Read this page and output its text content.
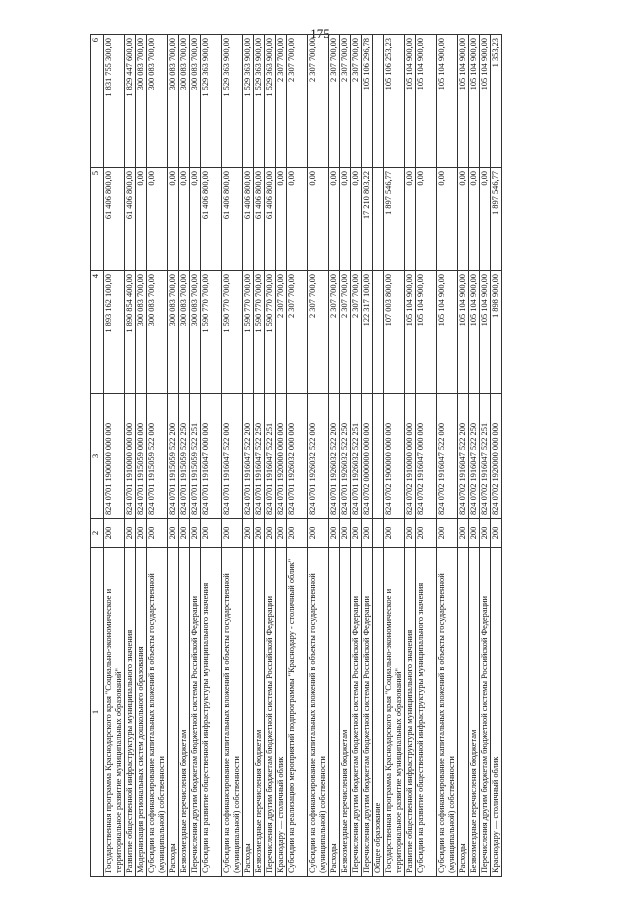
175
1	2	3	4	5	6
Государственная программа Краснодарского края "Социально-экономическое и территориальное развитие муниципальных образований"	200	824 0701 1900000 000 000	1 893 162 100,00	61 406 800,00	1 831 755 300,00
Развитие общественной инфраструктуры муниципального значения	200	824 0701 1910000 000 000	1 890 854 400,00	61 406 800,00	1 829 447 600,00
Модернизация региональных систем дошкольного образования	200	824 0701 1915059 000 000	300 083 700,00	0,00	300 083 700,00
Субсидии на софинансирование капитальных вложений в объекты государственной (муниципальной) собственности	200	824 0701 1915059 522 000	300 083 700,00	0,00	300 083 700,00
Расходы	200	824 0701 1915059 522 200	300 083 700,00	0,00	300 083 700,00
Безвозмездные перечисления бюджетам	200	824 0701 1915059 522 250	300 083 700,00	0,00	300 083 700,00
Перечисления другим бюджетам бюджетной системы Российской Федерации	200	824 0701 1915059 522 251	300 083 700,00	0,00	300 083 700,00
Субсидии на развитие общественной инфраструктуры муниципального значения	200	824 0701 1916047 000 000	1 590 770 700,00	61 406 800,00	1 529 363 900,00
Субсидии на софинансирование капитальных вложений в объекты государственной (муниципальной) собственности	200	824 0701 1916047 522 000	1 590 770 700,00	61 406 800,00	1 529 363 900,00
Расходы	200	824 0701 1916047 522 200	1 590 770 700,00	61 406 800,00	1 529 363 900,00
Безвозмездные перечисления бюджетам	200	824 0701 1916047 522 250	1 590 770 700,00	61 406 800,00	1 529 363 900,00
Перечисления другим бюджетам бюджетной системы Российской Федерации	200	824 0701 1916047 522 251	1 590 770 700,00	61 406 800,00	1 529 363 900,00
Краснодару — столичный облик	200	824 0701 1920000 000 000	2 307 700,00	0,00	2 307 700,00
Субсидии на реализацию мероприятий подпрограммы "Краснодару - столичный облик"	200	824 0701 1926032 000 000	2 307 700,00	0,00	2 307 700,00
Субсидии на софинансирование капитальных вложений в объекты государственной (муниципальной) собственности	200	824 0701 1926032 522 000	2 307 700,00	0,00	2 307 700,00
Расходы	200	824 0701 1926032 522 200	2 307 700,00	0,00	2 307 700,00
Безвозмездные перечисления бюджетам	200	824 0701 1926032 522 250	2 307 700,00	0,00	2 307 700,00
Перечисления другим бюджетам бюджетной системы Российской Федерации	200	824 0701 1926032 522 251	2 307 700,00	0,00	2 307 700,00
Перечисления другим бюджетам бюджетной системы Российской Федерации	200	824 0702 0000000 000 000	122 317 100,00	17 210 803,22	105 106 296,78
Общее образование					
Государственная программа Краснодарского края "Социально-экономическое и территориальное развитие муниципальных образований"	200	824 0702 1900000 000 000	107 003 800,00	1 897 546,77	105 106 253,23
Развитие общественной инфраструктуры муниципального значения	200	824 0702 1910000 000 000	105 104 900,00	0,00	105 104 900,00
Субсидии на развитие общественной инфраструктуры муниципального значения	200	824 0702 1916047 000 000	105 104 900,00	0,00	105 104 900,00
Субсидии на софинансирование капитальных вложений в объекты государственной (муниципальной) собственности	200	824 0702 1916047 522 000	105 104 900,00	0,00	105 104 900,00
Расходы	200	824 0702 1916047 522 200	105 104 900,00	0,00	105 104 900,00
Безвозмездные перечисления бюджетам	200	824 0702 1916047 522 250	105 104 900,00	0,00	105 104 900,00
Перечисления другим бюджетам бюджетной системы Российской Федерации	200	824 0702 1916047 522 251	105 104 900,00	0,00	105 104 900,00
Краснодару — столичный облик	200	824 0702 1920000 000 000	1 898 900,00	1 897 546,77	1 353,23
